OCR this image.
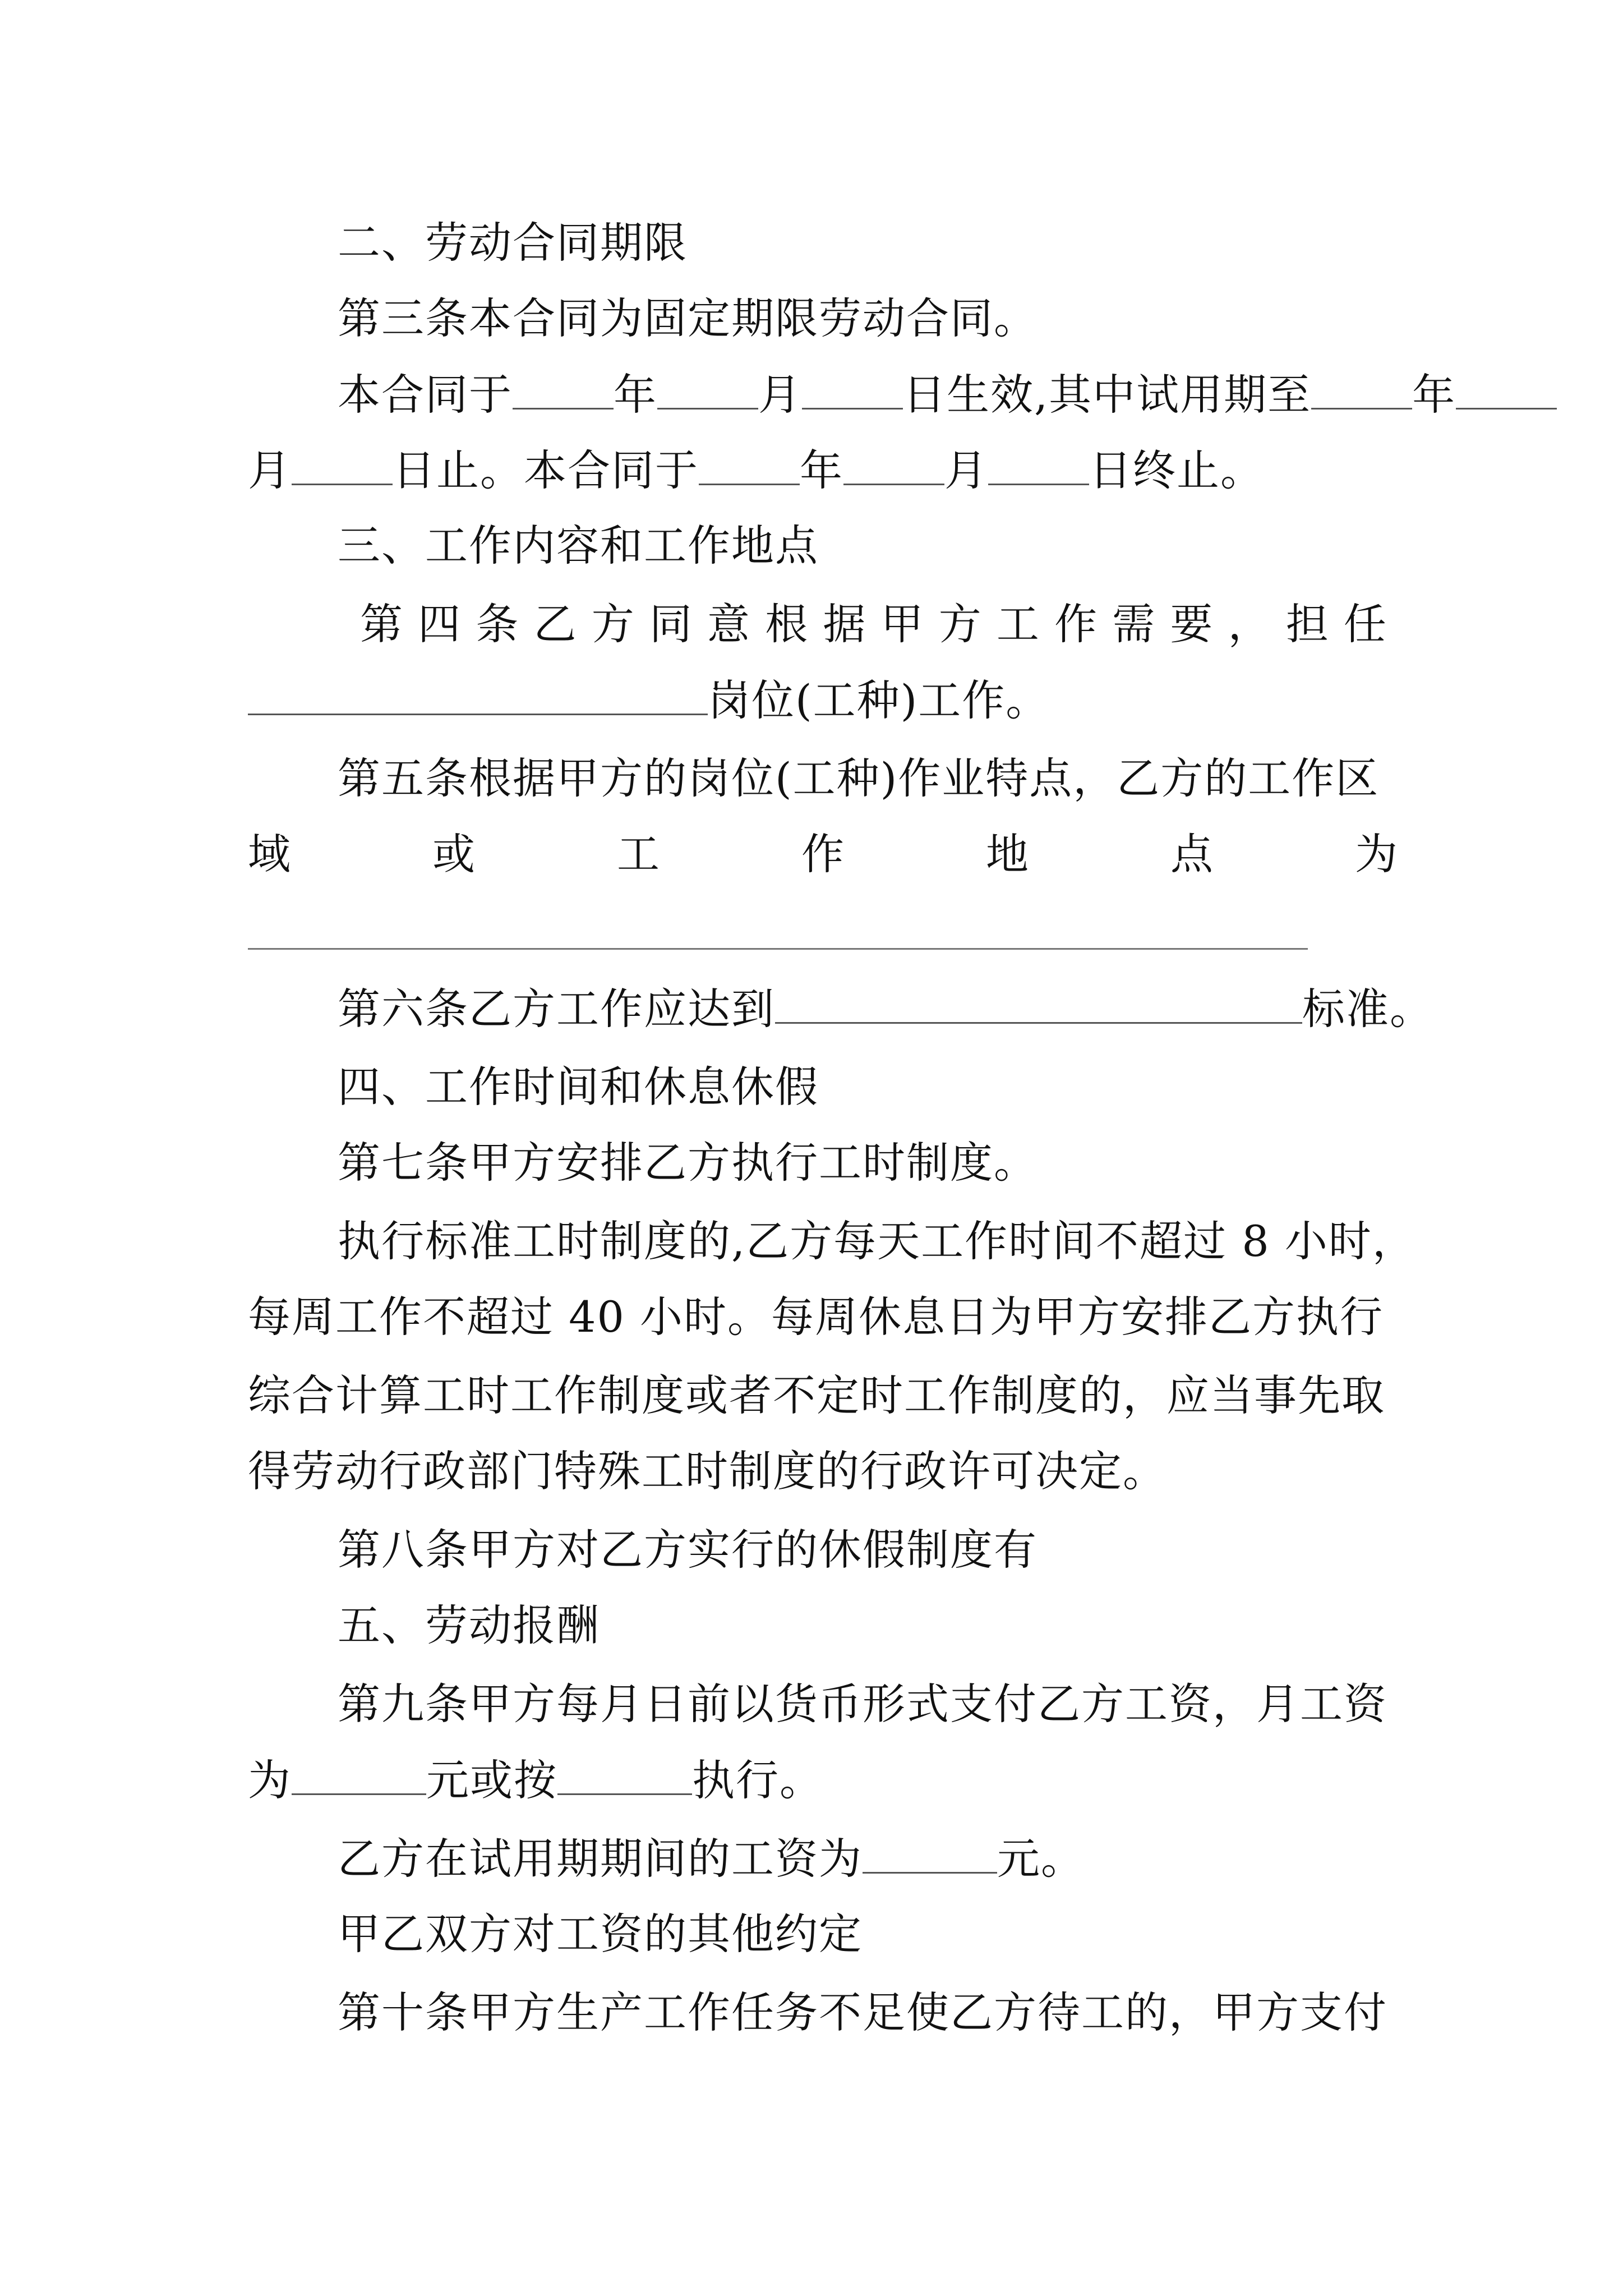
二、劳动合同期限
第三条本合同为固定期限劳动合同。
本合同于 年 月 日生效,其中试用期至 年
月 日止。本合同于 年 月 日终止。
三、工作内容和工作地点
第 四 条 乙 方 同 意 根 据 甲 方 工 作 需 要 ， 担 任
岗位(工种)工作。
第五条根据甲方的岗位(工种)作业特点，乙方的工作区
域	或	工	作	地	点	为
第六条乙方工作应达到	标准。
四、工作时间和休息休假
第七条甲方安排乙方执行工时制度。
执行标准工时制度的,乙方每天工作时间不超过 8 小时，
每周工作不超过 40 小时。每周休息日为甲方安排乙方执行
综合计算工时工作制度或者不定时工作制度的，应当事先取
得劳动行政部门特殊工时制度的行政许可决定。
第八条甲方对乙方实行的休假制度有
五、劳动报酬
第九条甲方每月日前以货币形式支付乙方工资，月工资
为	元或按	执行。
乙方在试用期期间的工资为	元。
甲乙双方对工资的其他约定
第十条甲方生产工作任务不足使乙方待工的，甲方支付
